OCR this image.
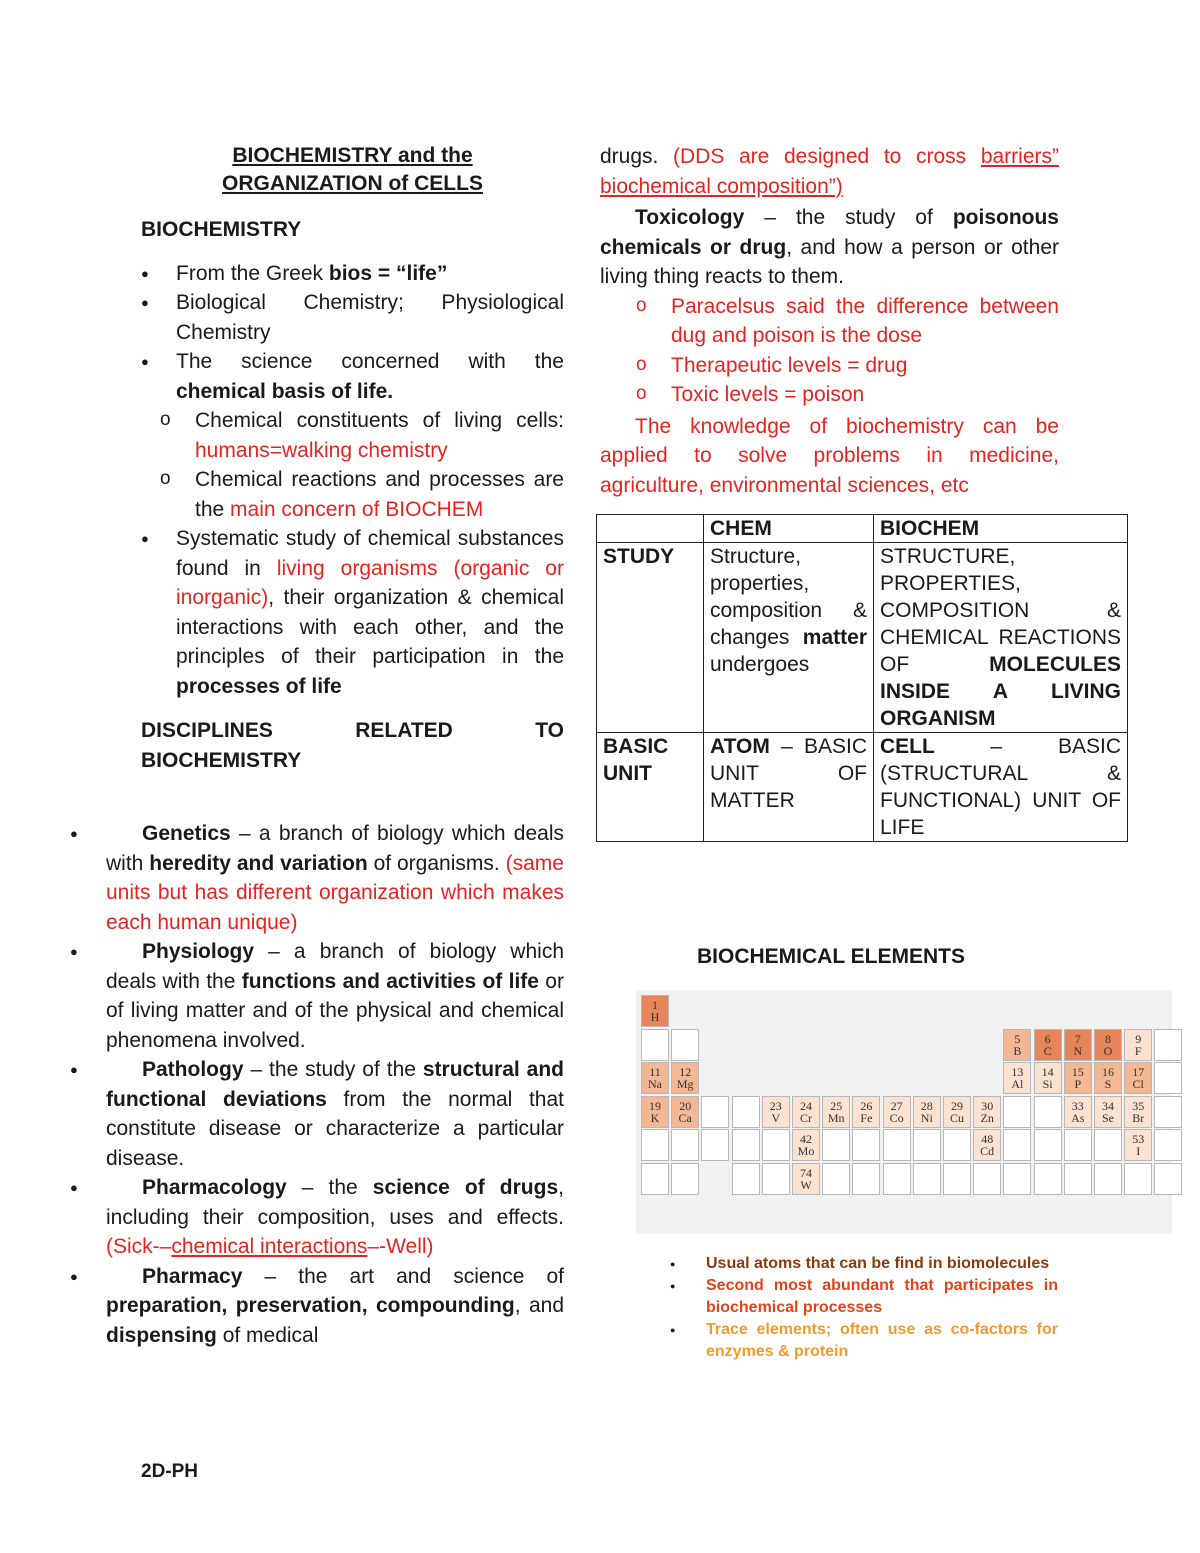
BIOCHEMISTRY and the
ORGANIZATION of CELLS
BIOCHEMISTRY
● From the Greek bios = “life”
● Biological Chemistry; Physiological Chemistry
● The science concerned with the chemical basis of life.
o Chemical constituents of living cells: humans=walking chemistry
o Chemical reactions and processes are the main concern of BIOCHEM
● Systematic study of chemical substances found in living organisms (organic or inorganic), their organization & chemical interactions with each other, and the principles of their participation in the processes of life
DISCIPLINES RELATED TO BIOCHEMISTRY
● Genetics – a branch of biology which deals with heredity and variation of organisms. (same units but has different organization which makes each human unique)
● Physiology – a branch of biology which deals with the functions and activities of life or of living matter and of the physical and chemical phenomena involved.
● Pathology – the study of the structural and functional deviations from the normal that constitute disease or characterize a particular disease.
● Pharmacology – the science of drugs, including their composition, uses and effects. (Sick-–chemical interactions–-Well)
● Pharmacy – the art and science of preparation, preservation, compounding, and dispensing of medical
drugs. (DDS are designed to cross barriers” biochemical composition”)
Toxicology – the study of poisonous chemicals or drug, and how a person or other living thing reacts to them.
o Paracelsus said the difference between dug and poison is the dose
o Therapeutic levels = drug
o Toxic levels = poison
The knowledge of biochemistry can be applied to solve problems in medicine, agriculture, environmental sciences, etc
	CHEM	BIOCHEM
STUDY	Structure, properties, composition & changes matter undergoes	STRUCTURE, PROPERTIES, COMPOSITION & CHEMICAL REACTIONS OF MOLECULES INSIDE A LIVING ORGANISM
BASIC UNIT	ATOM – BASIC UNIT OF MATTER	CELL – BASIC (STRUCTURAL & FUNCTIONAL) UNIT OF LIFE
BIOCHEMICAL ELEMENTS
1
H
5
B
6
C
7
N
8
O
9
F
11
Na
12
Mg
13
Al
14
Si
15
P
16
S
17
Cl
19
K
20
Ca
23
V
24
Cr
25
Mn
26
Fe
27
Co
28
Ni
29
Cu
30
Zn
33
As
34
Se
35
Br
42
Mo
48
Cd
53
I
74
W
● Usual atoms that can be find in biomolecules
● Second most abundant that participates in biochemical processes
● Trace elements; often use as co-factors for enzymes & protein
2D-PH
